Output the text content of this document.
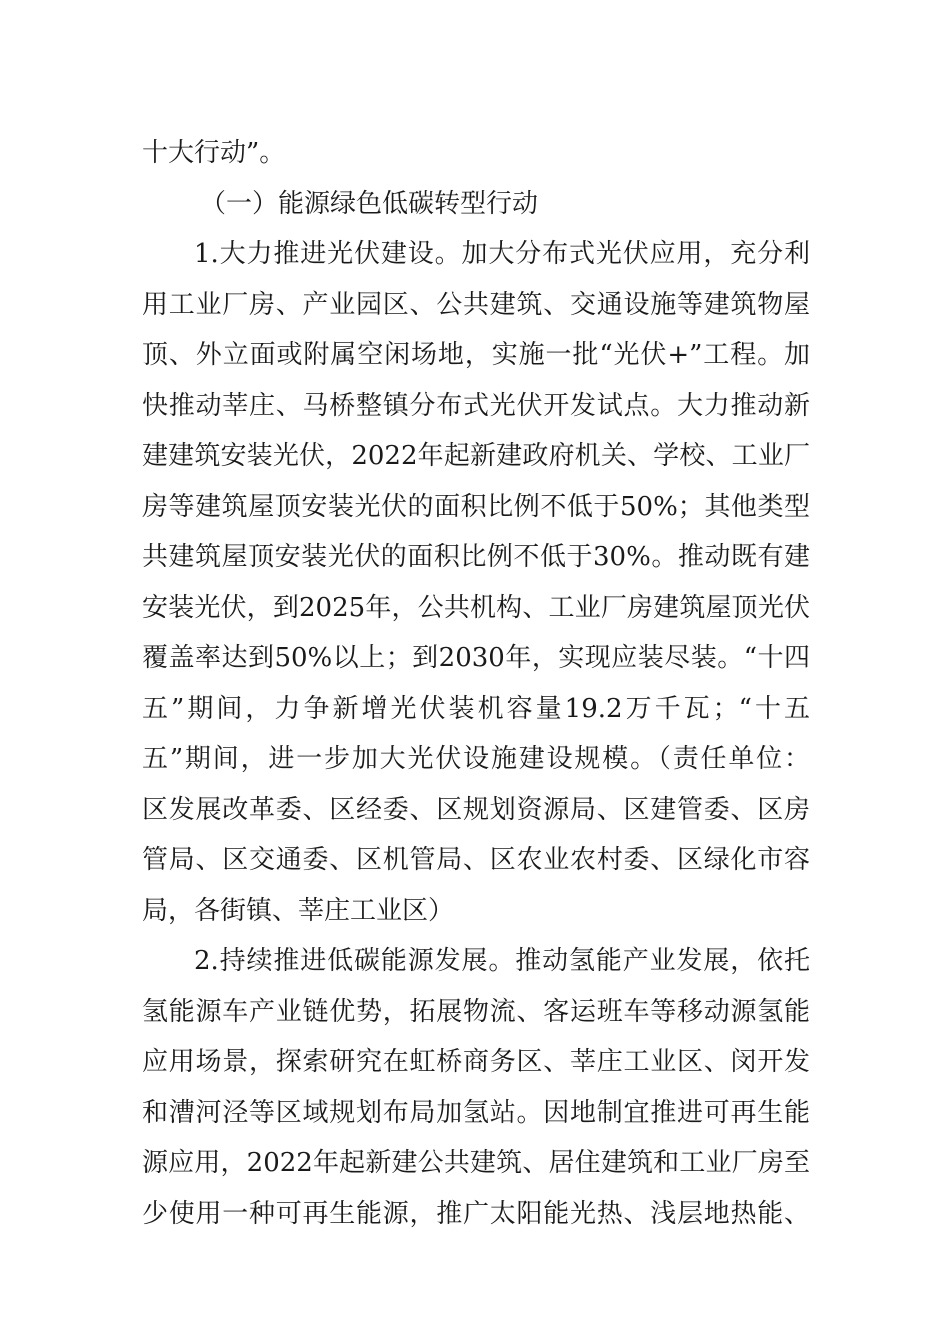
十大行动”。
（一）能源绿色低碳转型行动
1.大力推进光伏建设。加大分布式光伏应用，充分利
用工业厂房、产业园区、公共建筑、交通设施等建筑物屋
顶、外立面或附属空闲场地，实施一批“光伏+”工程。加
快推动莘庄、马桥整镇分布式光伏开发试点。大力推动新
建建筑安装光伏，2022年起新建政府机关、学校、工业厂
房等建筑屋顶安装光伏的面积比例不低于50%；其他类型
共建筑屋顶安装光伏的面积比例不低于30%。推动既有建
安装光伏，到2025年，公共机构、工业厂房建筑屋顶光伏
覆盖率达到50%以上；到2030年，实现应装尽装。“十四
五”期间，力争新增光伏装机容量19.2万千瓦；“十五
五”期间，进一步加大光伏设施建设规模。（责任单位：
区发展改革委、区经委、区规划资源局、区建管委、区房
管局、区交通委、区机管局、区农业农村委、区绿化市容
局，各街镇、莘庄工业区）
2.持续推进低碳能源发展。推动氢能产业发展，依托
氢能源车产业链优势，拓展物流、客运班车等移动源氢能
应用场景，探索研究在虹桥商务区、莘庄工业区、闵开发
和漕河泾等区域规划布局加氢站。因地制宜推进可再生能
源应用，2022年起新建公共建筑、居住建筑和工业厂房至
少使用一种可再生能源，推广太阳能光热、浅层地热能、
